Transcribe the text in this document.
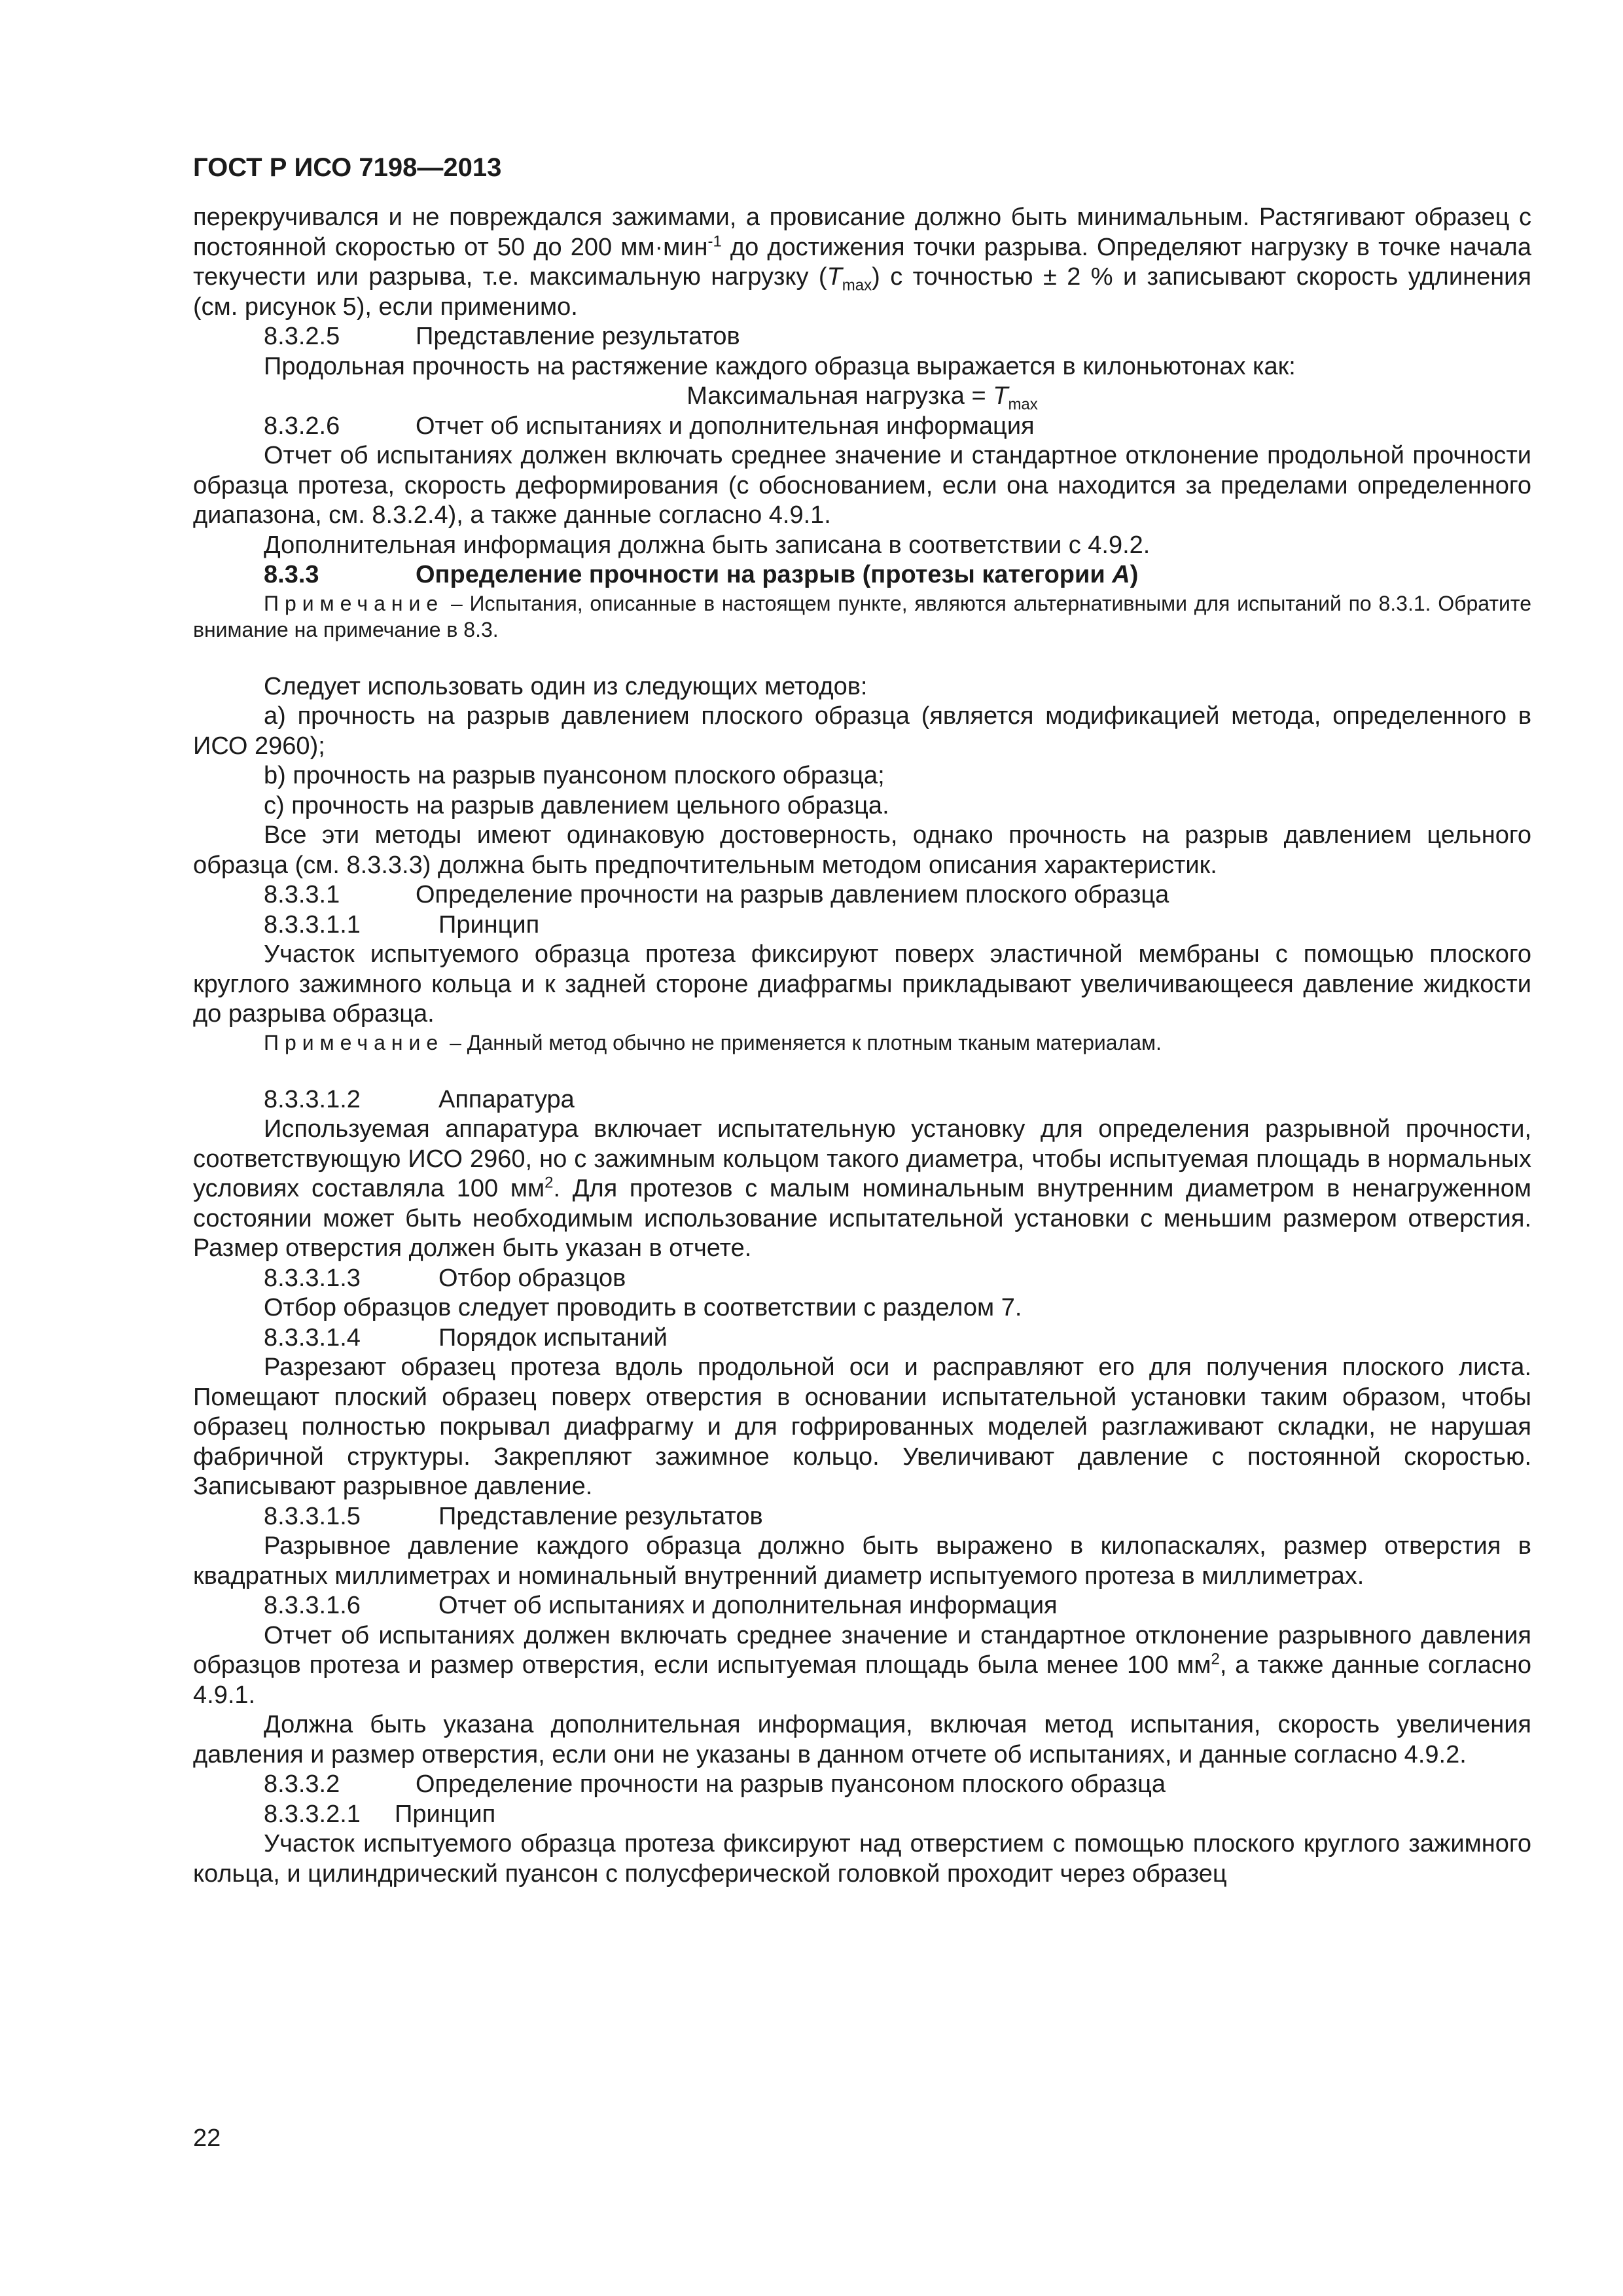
ГОСТ Р ИСО 7198—2013

перекручивался и не повреждался зажимами, а провисание должно быть минимальным. Растягивают образец с постоянной скоростью от 50 до 200 мм·мин$^{-1}$ до достижения точки разрыва. Определяют нагрузку в точке начала текучести или разрыва, т.е. максимальную нагрузку $(T_{max})$ с точностью ± 2 % и записывают скорость удлинения (см. рисунок 5), если применимо.

8.3.2.5	Представление результатов

Продольная прочность на растяжение каждого образца выражается в килоньютонах как:

Максимальная нагрузка = $T_{max}$

8.3.2.6	Отчет об испытаниях и дополнительная информация

Отчет об испытаниях должен включать среднее значение и стандартное отклонение продольной прочности образца протеза, скорость деформирования (с обоснованием, если она находится за пределами определенного диапазона, см. 8.3.2.4), а также данные согласно 4.9.1.

Дополнительная информация должна быть записана в соответствии с 4.9.2.

8.3.3	Определение прочности на разрыв (протезы категории А)

Примечание – Испытания, описанные в настоящем пункте, являются альтернативными для испытаний по 8.3.1. Обратите внимание на примечание в 8.3.

Следует использовать один из следующих методов:

a) прочность на разрыв давлением плоского образца (является модификацией метода, определенного в ИСО 2960);

b) прочность на разрыв пуансоном плоского образца;

c) прочность на разрыв давлением цельного образца.

Все эти методы имеют одинаковую достоверность, однако прочность на разрыв давлением цельного образца (см. 8.3.3.3) должна быть предпочтительным методом описания характеристик.

8.3.3.1	Определение прочности на разрыв давлением плоского образца
8.3.3.1.1	Принцип

Участок испытуемого образца протеза фиксируют поверх эластичной мембраны с помощью плоского круглого зажимного кольца и к задней стороне диафрагмы прикладывают увеличивающееся давление жидкости до разрыва образца.

Примечание – Данный метод обычно не применяется к плотным тканым материалам.

8.3.3.1.2	Аппаратура

Используемая аппаратура включает испытательную установку для определения разрывной прочности, соответствующую ИСО 2960, но с зажимным кольцом такого диаметра, чтобы испытуемая площадь в нормальных условиях составляла 100 $мм^2$. Для протезов с малым номинальным внутренним диаметром в ненагруженном состоянии может быть необходимым использование испытательной установки с меньшим размером отверстия. Размер отверстия должен быть указан в отчете.

8.3.3.1.3	Отбор образцов

Отбор образцов следует проводить в соответствии с разделом 7.

8.3.3.1.4	Порядок испытаний

Разрезают образец протеза вдоль продольной оси и расправляют его для получения плоского листа. Помещают плоский образец поверх отверстия в основании испытательной установки таким образом, чтобы образец полностью покрывал диафрагму и для гофрированных моделей разглаживают складки, не нарушая фабричной структуры. Закрепляют зажимное кольцо. Увеличивают давление с постоянной скоростью. Записывают разрывное давление.

8.3.3.1.5	Представление результатов

Разрывное давление каждого образца должно быть выражено в килопаскалях, размер отверстия в квадратных миллиметрах и номинальный внутренний диаметр испытуемого протеза в миллиметрах.

8.3.3.1.6	Отчет об испытаниях и дополнительная информация

Отчет об испытаниях должен включать среднее значение и стандартное отклонение разрывного давления образцов протеза и размер отверстия, если испытуемая площадь была менее 100 $мм^2$, а также данные согласно 4.9.1.

Должна быть указана дополнительная информация, включая метод испытания, скорость увеличения давления и размер отверстия, если они не указаны в данном отчете об испытаниях, и данные согласно 4.9.2.

8.3.3.2	Определение прочности на разрыв пуансоном плоского образца
8.3.3.2.1 Принцип

Участок испытуемого образца протеза фиксируют над отверстием с помощью плоского круглого зажимного кольца, и цилиндрический пуансон с полусферической головкой проходит через образец

22
